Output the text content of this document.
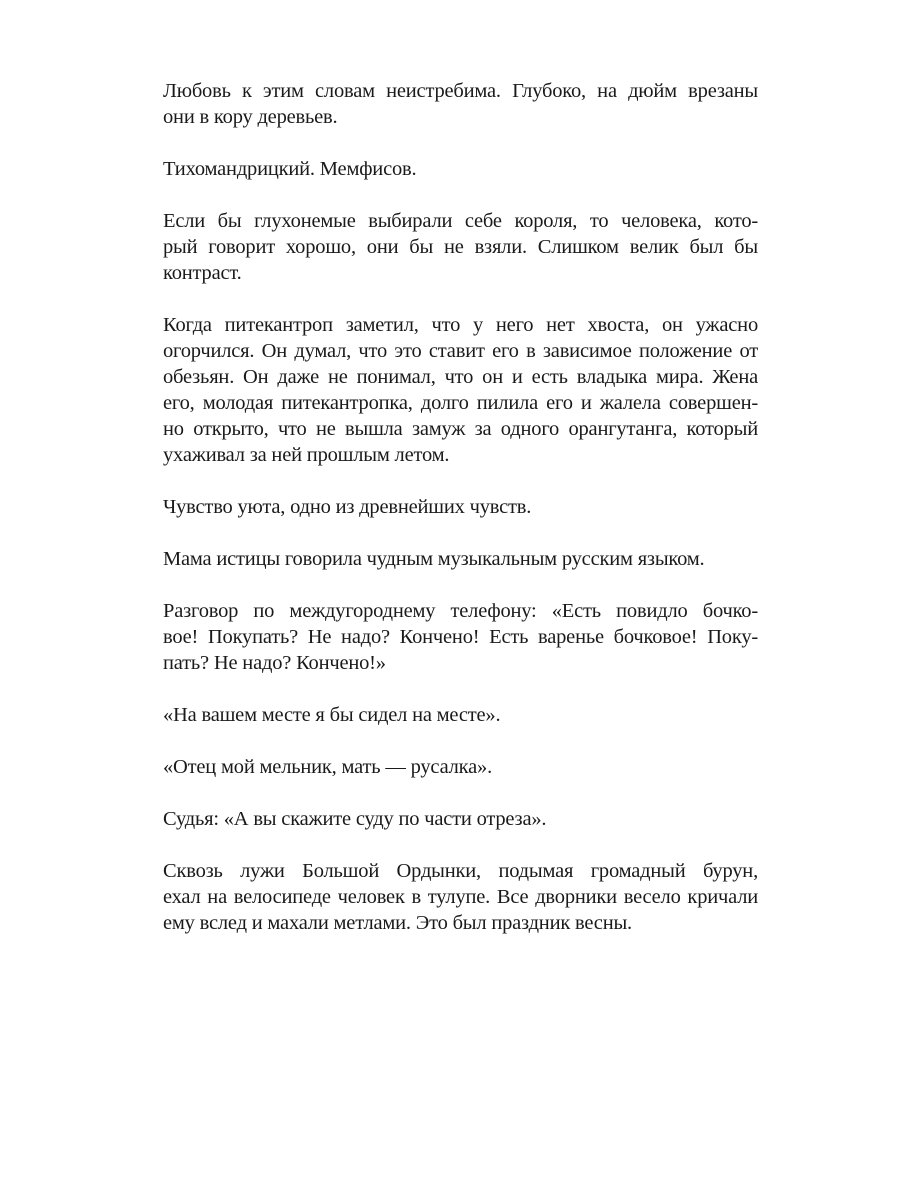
Любовь к этим словам неистребима. Глубоко, на дюйм врезаны
они в кору деревьев.
Тихомандрицкий. Мемфисов.
Если бы глухонемые выбирали себе короля, то человека, кото-
рый говорит хорошо, они бы не взяли. Слишком велик был бы
контраст.
Когда питекантроп заметил, что у него нет хвоста, он ужасно
огорчился. Он думал, что это ставит его в зависимое положение от
обезьян. Он даже не понимал, что он и есть владыка мира. Жена
его, молодая питекантропка, долго пилила его и жалела совершен-
но открыто, что не вышла замуж за одного орангутанга, который
ухаживал за ней прошлым летом.
Чувство уюта, одно из древнейших чувств.
Мама истицы говорила чудным музыкальным русским языком.
Разговор по междугороднему телефону: «Есть повидло бочко-
вое! Покупать? Не надо? Кончено! Есть варенье бочковое! Поку-
пать? Не надо? Кончено!»
«На вашем месте я бы сидел на месте».
«Отец мой мельник, мать — русалка».
Судья: «А вы скажите суду по части отреза».
Сквозь лужи Большой Ордынки, подымая громадный бурун,
ехал на велосипеде человек в тулупе. Все дворники весело кричали
ему вслед и махали метлами. Это был праздник весны.
